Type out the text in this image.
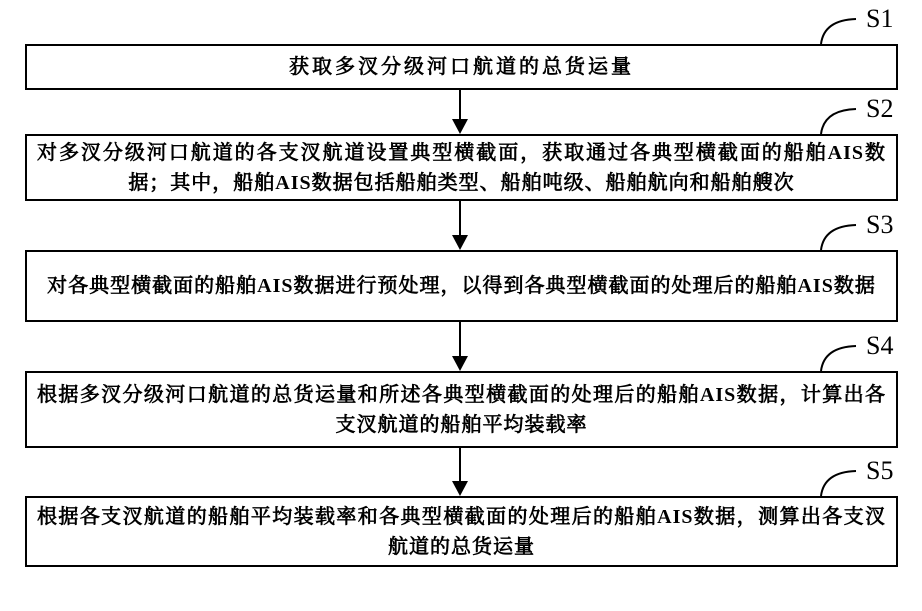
获取多汊分级河口航道的总货运量
S1
对多汊分级河口航道的各支汊航道设置典型横截面，获取通过各典型横截面的船舶AIS数据；其中，船舶AIS数据包括船舶类型、船舶吨级、船舶航向和船舶艘次
S2
对各典型横截面的船舶AIS数据进行预处理，以得到各典型横截面的处理后的船舶AIS数据
S3
根据多汊分级河口航道的总货运量和所述各典型横截面的处理后的船舶AIS数据，计算出各支汊航道的船舶平均装载率
S4
根据各支汊航道的船舶平均装载率和各典型横截面的处理后的船舶AIS数据，测算出各支汊航道的总货运量
S5
